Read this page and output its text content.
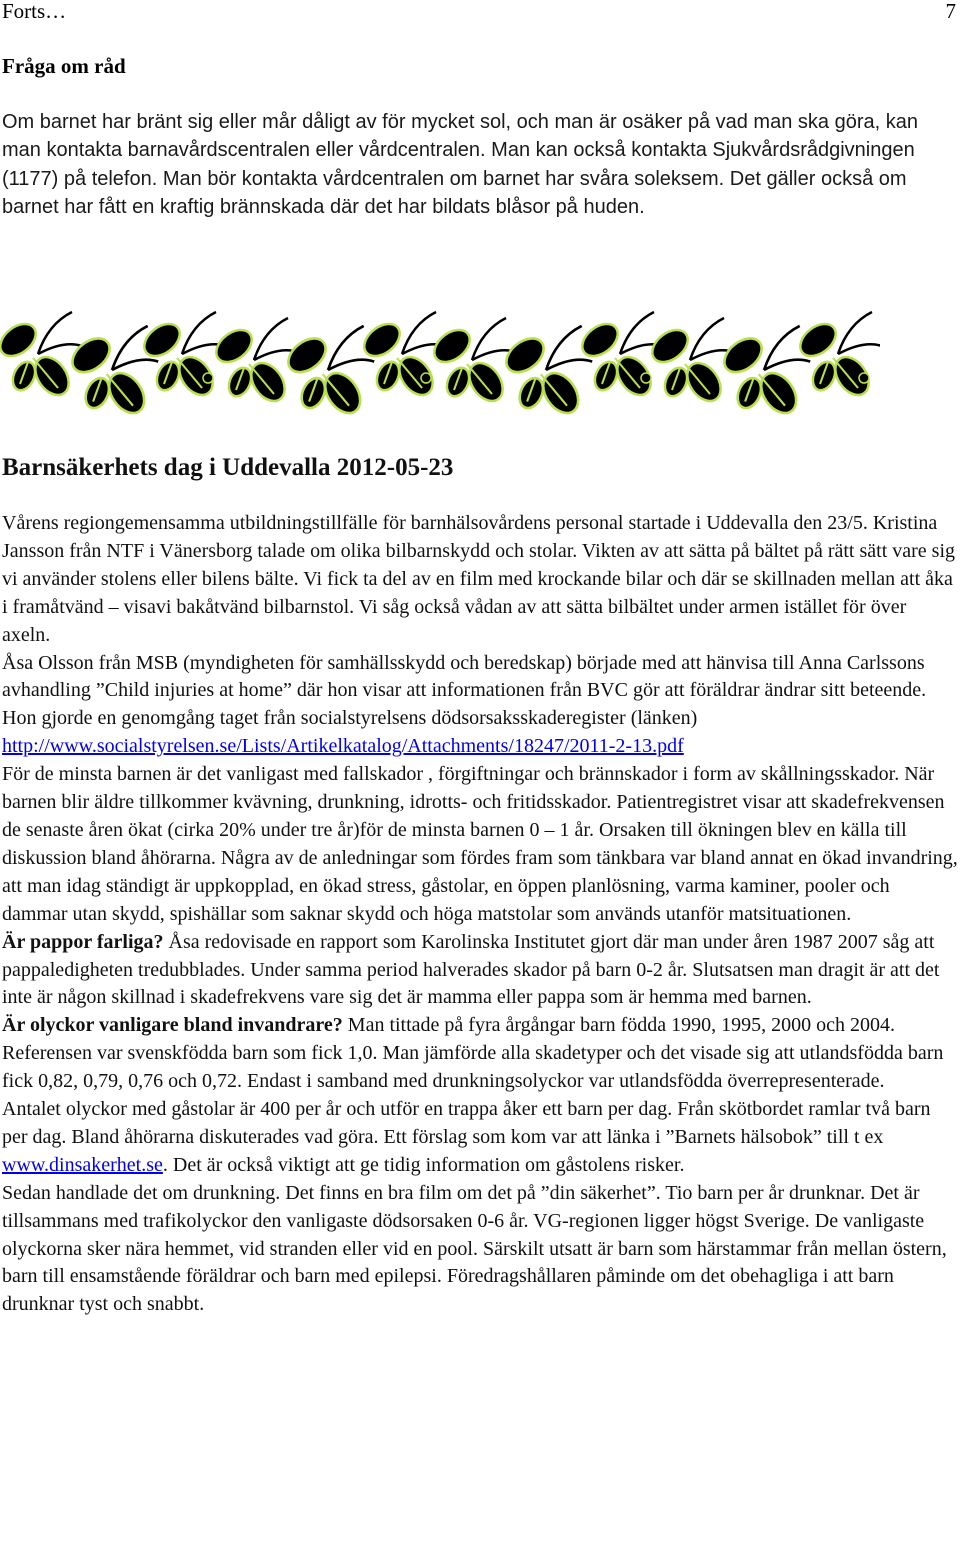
Forts…	7
Fråga om råd

Om barnet har bränt sig eller mår dåligt av för mycket sol, och man är osäker på vad man ska göra, kan man kontakta barnavårdscentralen eller vårdcentralen. Man kan också kontakta Sjukvårdsrådgivningen (1177) på telefon. Man bör kontakta vårdcentralen om barnet har svåra soleksem. Det gäller också om barnet har fått en kraftig brännskada där det har bildats blåsor på huden.

Barnsäkerhets dag i Uddevalla 2012-05-23

Vårens regiongemensamma utbildningstillfälle för barnhälsovårdens personal startade i Uddevalla den 23/5. Kristina Jansson från NTF i Vänersborg talade om olika bilbarnskydd och stolar. Vikten av att sätta på bältet på rätt sätt vare sig vi använder stolens eller bilens bälte. Vi fick ta del av en film med krockande bilar och där se skillnaden mellan att åka i framåtvänd – visavi bakåtvänd bilbarnstol. Vi såg också vådan av att sätta bilbältet under armen istället för över axeln.

Åsa Olsson från MSB (myndigheten för samhällsskydd och beredskap) började med att hänvisa till Anna Carlssons avhandling ”Child injuries at home” där hon visar att informationen från BVC gör att föräldrar ändrar sitt beteende. Hon gjorde en genomgång taget från socialstyrelsens dödsorsaksskaderegister (länken)
http://www.socialstyrelsen.se/Lists/Artikelkatalog/Attachments/18247/2011-2-13.pdf

För de minsta barnen är det vanligast med fallskador , förgiftningar och brännskador i form av skållningsskador. När barnen blir äldre tillkommer kvävning, drunkning, idrotts- och fritidsskador. Patientregistret visar att skadefrekvensen de senaste åren ökat (cirka 20% under tre år)för de minsta barnen 0 – 1 år. Orsaken till ökningen blev en källa till diskussion bland åhörarna. Några av de anledningar som fördes fram som tänkbara var bland annat en ökad invandring, att man idag ständigt är uppkopplad, en ökad stress, gåstolar, en öppen planlösning, varma kaminer, pooler och dammar utan skydd, spishällar som saknar skydd och höga matstolar som används utanför matsituationen.

Är pappor farliga? Åsa redovisade en rapport som Karolinska Institutet gjort där man under åren 1987 2007 såg att pappaledigheten tredubblades. Under samma period halverades skador på barn 0-2 år. Slutsatsen man dragit är att det inte är någon skillnad i skadefrekvens vare sig det är mamma eller pappa som är hemma med barnen.

Är olyckor vanligare bland invandrare? Man tittade på fyra årgångar barn födda 1990, 1995, 2000 och 2004. Referensen var svenskfödda barn som fick 1,0. Man jämförde alla skadetyper och det visade sig att utlandsfödda barn fick 0,82, 0,79, 0,76 och 0,72. Endast i samband med drunkningsolyckor var utlandsfödda överrepresenterade.

Antalet olyckor med gåstolar är 400 per år och utför en trappa åker ett barn per dag. Från skötbordet ramlar två barn per dag. Bland åhörarna diskuterades vad göra. Ett förslag som kom var att länka i ”Barnets hälsobok” till t ex www.dinsakerhet.se. Det är också viktigt att ge tidig information om gåstolens risker.

Sedan handlade det om drunkning. Det finns en bra film om det på ”din säkerhet”. Tio barn per år drunknar. Det är tillsammans med trafikolyckor den vanligaste dödsorsaken 0-6 år. VG-regionen ligger högst Sverige. De vanligaste olyckorna sker nära hemmet, vid stranden eller vid en pool. Särskilt utsatt är barn som härstammar från mellan östern, barn till ensamstående föräldrar och barn med epilepsi. Föredragshållaren påminde om det obehagliga i att barn drunknar tyst och snabbt.
